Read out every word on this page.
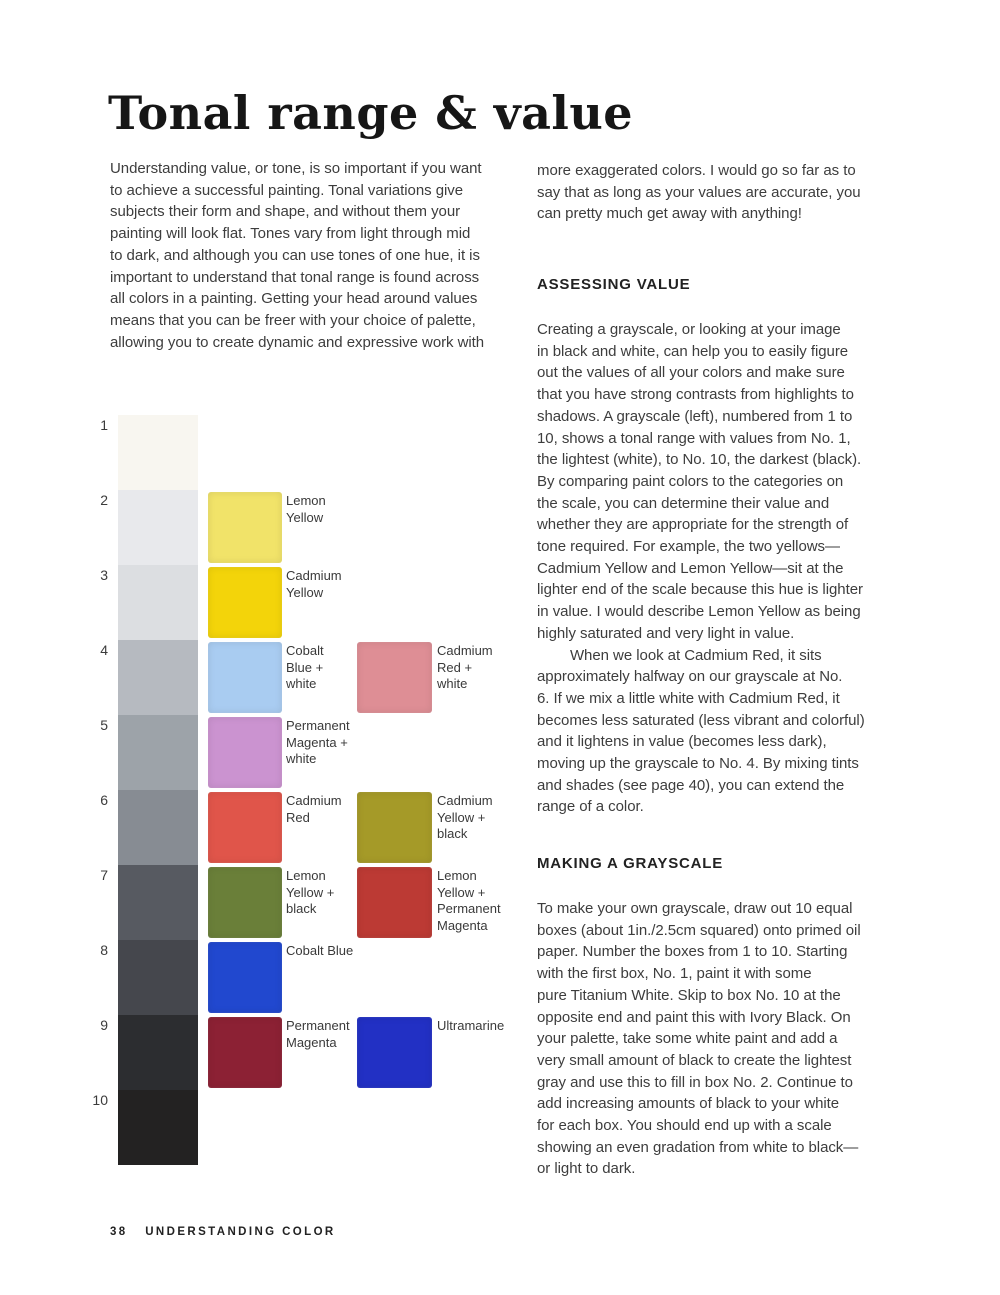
Tonal range & value

Understanding value, or tone, is so important if you want
to achieve a successful painting. Tonal variations give
subjects their form and shape, and without them your
painting will look flat. Tones vary from light through mid
to dark, and although you can use tones of one hue, it is
important to understand that tonal range is found across
all colors in a painting. Getting your head around values
means that you can be freer with your choice of palette,
allowing you to create dynamic and expressive work with

more exaggerated colors. I would go so far as to
say that as long as your values are accurate, you
can pretty much get away with anything!

ASSESSING VALUE

Creating a grayscale, or looking at your image
in black and white, can help you to easily figure
out the values of all your colors and make sure
that you have strong contrasts from highlights to
shadows. A grayscale (left), numbered from 1 to
10, shows a tonal range with values from No. 1,
the lightest (white), to No. 10, the darkest (black).
By comparing paint colors to the categories on
the scale, you can determine their value and
whether they are appropriate for the strength of
tone required. For example, the two yellows—
Cadmium Yellow and Lemon Yellow—sit at the
lighter end of the scale because this hue is lighter
in value. I would describe Lemon Yellow as being
highly saturated and very light in value.
When we look at Cadmium Red, it sits
approximately halfway on our grayscale at No.
6. If we mix a little white with Cadmium Red, it
becomes less saturated (less vibrant and colorful)
and it lightens in value (becomes less dark),
moving up the grayscale to No. 4. By mixing tints
and shades (see page 40), you can extend the
range of a color.

MAKING A GRAYSCALE

To make your own grayscale, draw out 10 equal
boxes (about 1in./2.5cm squared) onto primed oil
paper. Number the boxes from 1 to 10. Starting
with the first box, No. 1, paint it with some
pure Titanium White. Skip to box No. 10 at the
opposite end and paint this with Ivory Black. On
your palette, take some white paint and add a
very small amount of black to create the lightest
gray and use this to fill in box No. 2. Continue to
add increasing amounts of black to your white
for each box. You should end up with a scale
showing an even gradation from white to black—
or light to dark.

1
2
3
4
5
6
7
8
9
10
Lemon
Yellow
Cadmium
Yellow
Cobalt
Blue +
white
Permanent
Magenta +
white
Cadmium
Red
Lemon
Yellow +
black
Cobalt Blue
Permanent
Magenta
Cadmium
Red +
white
Cadmium
Yellow +
black
Lemon
Yellow +
Permanent
Magenta
Ultramarine
38 UNDERSTANDING COLOR
